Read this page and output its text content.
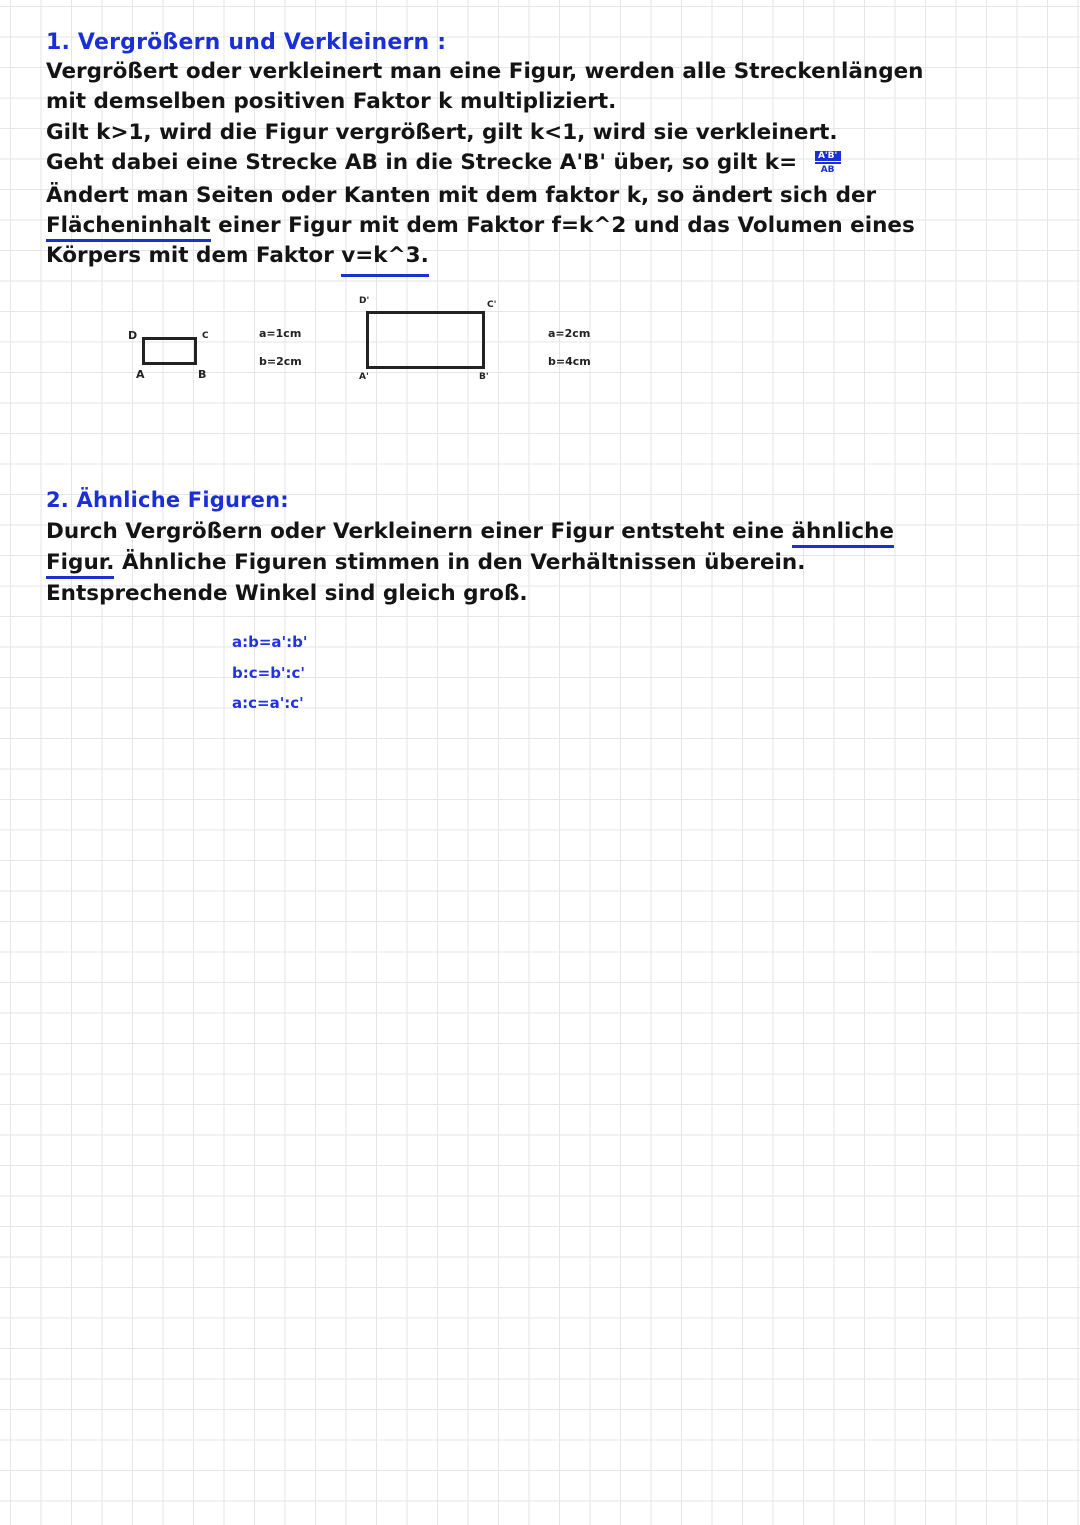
1. Vergrößern und Verkleinern :
Vergrößert oder verkleinert man eine Figur, werden alle Streckenlängen
mit demselben positiven Faktor k multipliziert.
Gilt k>1, wird die Figur vergrößert, gilt k<1, wird sie verkleinert.
Geht dabei eine Strecke AB in die Strecke A'B' über, so gilt $k= \frac{A'B'}{AB}$
Ändert man Seiten oder Kanten mit dem faktor k, so ändert sich der
Flächeninhalt einer Figur mit dem Faktor f=k^2 und das Volumen eines
Körpers mit dem Faktor v=k^3.
D	C
A	B
a=1cm
b=2cm
D'	C'
A'	B'
a=2cm
b=4cm
2. Ähnliche Figuren:
Durch Vergrößern oder Verkleinern einer Figur entsteht eine ähnliche
Figur. Ähnliche Figuren stimmen in den Verhältnissen überein.
Entsprechende Winkel sind gleich groß.
a:b=a':b'
b:c=b':c'
a:c=a':c'
